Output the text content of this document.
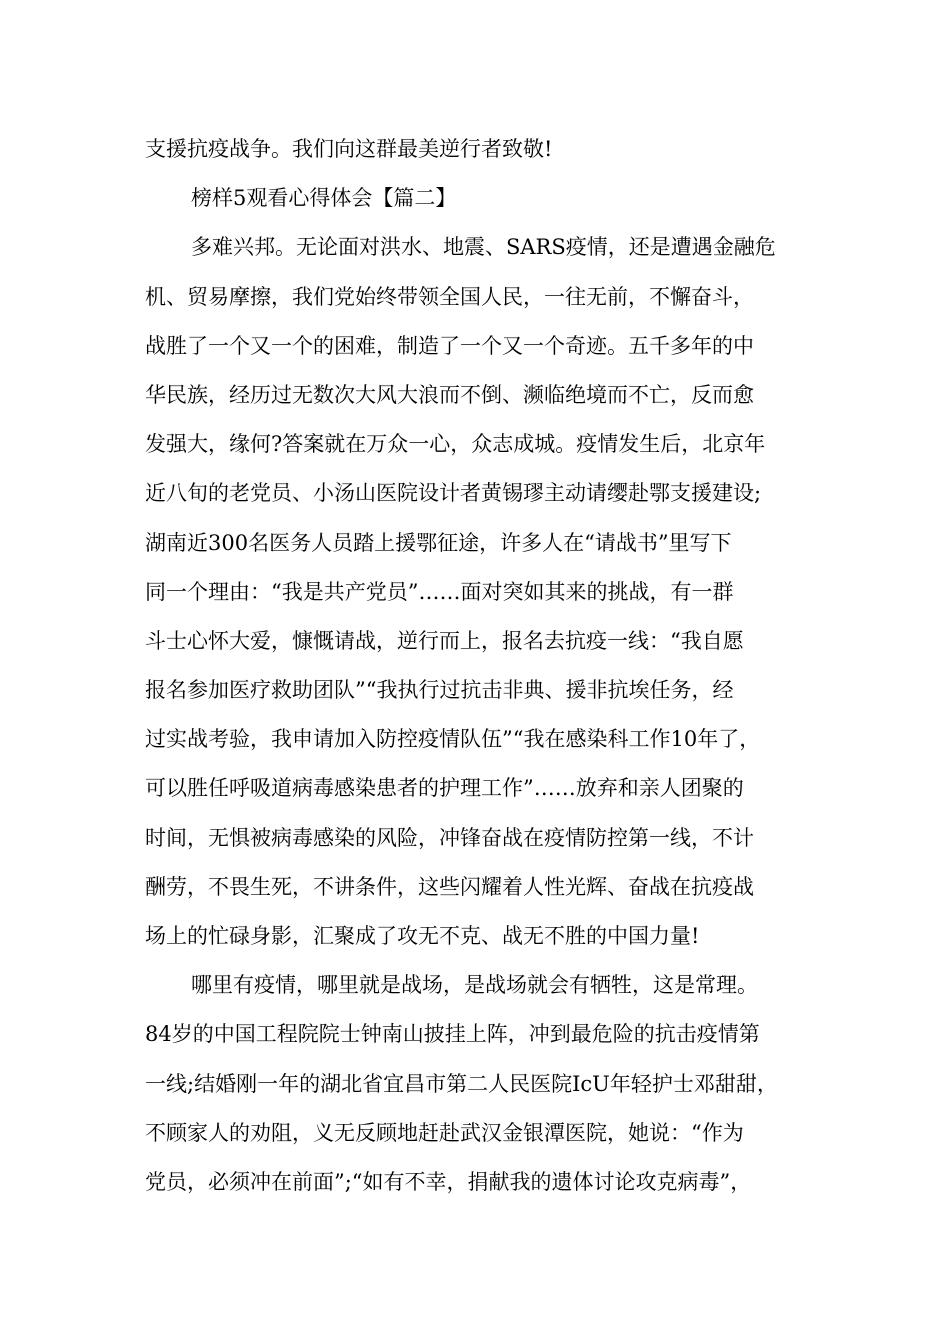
支援抗疫战争。我们向这群最美逆行者致敬!
榜样5观看心得体会【篇二】
多难兴邦。无论面对洪水、地震、SARS疫情，还是遭遇金融危
机、贸易摩擦，我们党始终带领全国人民，一往无前，不懈奋斗，
战胜了一个又一个的困难，制造了一个又一个奇迹。五千多年的中
华民族，经历过无数次大风大浪而不倒、濒临绝境而不亡，反而愈
发强大，缘何?答案就在万众一心，众志成城。疫情发生后，北京年
近八旬的老党员、小汤山医院设计者黄锡璆主动请缨赴鄂支援建设;
湖南近300名医务人员踏上援鄂征途，许多人在“请战书”里写下
同一个理由：“我是共产党员”……面对突如其来的挑战，有一群
斗士心怀大爱，慷慨请战，逆行而上，报名去抗疫一线：“我自愿
报名参加医疗救助团队”“我执行过抗击非典、援非抗埃任务，经
过实战考验，我申请加入防控疫情队伍”“我在感染科工作10年了，
可以胜任呼吸道病毒感染患者的护理工作”……放弃和亲人团聚的
时间，无惧被病毒感染的风险，冲锋奋战在疫情防控第一线，不计
酬劳，不畏生死，不讲条件，这些闪耀着人性光辉、奋战在抗疫战
场上的忙碌身影，汇聚成了攻无不克、战无不胜的中国力量!
哪里有疫情，哪里就是战场，是战场就会有牺牲，这是常理。
84岁的中国工程院院士钟南山披挂上阵，冲到最危险的抗击疫情第
一线;结婚刚一年的湖北省宜昌市第二人民医院IcU年轻护士邓甜甜，
不顾家人的劝阻，义无反顾地赶赴武汉金银潭医院，她说：“作为
党员，必须冲在前面”;“如有不幸，捐献我的遗体讨论攻克病毒”，
